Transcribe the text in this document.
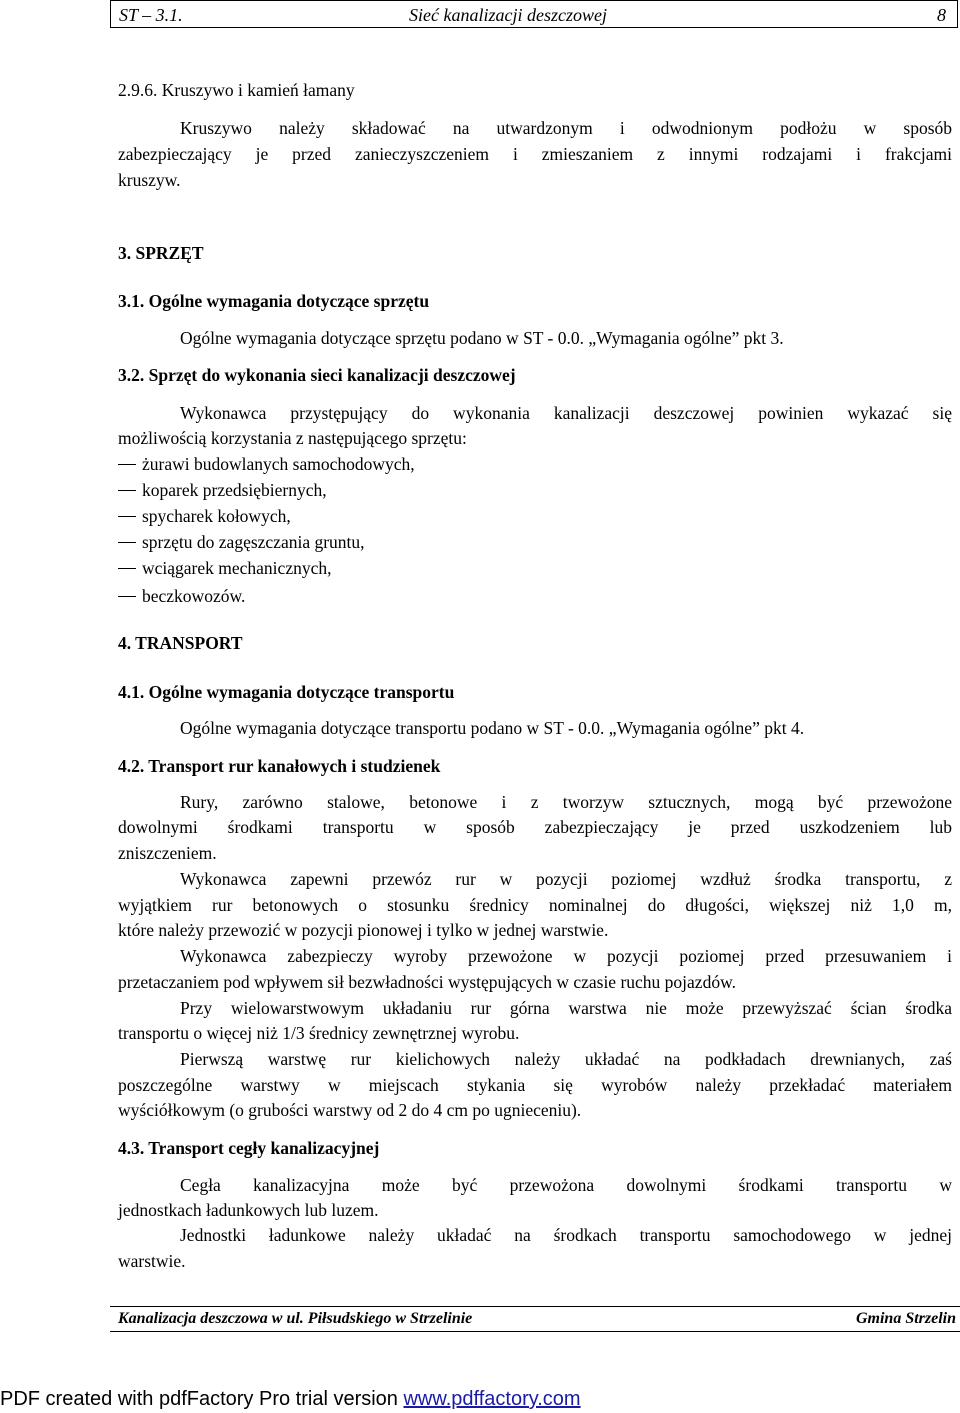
ST – 3.1.	Sieć kanalizacji deszczowej	8
2.9.6. Kruszywo i kamień łamany
Kruszywo należy składować na utwardzonym i odwodnionym podłożu w sposób
zabezpieczający je przed zanieczyszczeniem i zmieszaniem z innymi rodzajami i frakcjami
kruszyw.
3. SPRZĘT
3.1. Ogólne wymagania dotyczące sprzętu
Ogólne wymagania dotyczące sprzętu podano w ST - 0.0. „Wymagania ogólne” pkt 3.
3.2. Sprzęt do wykonania sieci kanalizacji deszczowej
Wykonawca przystępujący do wykonania kanalizacji deszczowej powinien wykazać się
możliwością korzystania z następującego sprzętu:
żurawi budowlanych samochodowych,
koparek przedsiębiernych,
spycharek kołowych,
sprzętu do zagęszczania gruntu,
wciągarek mechanicznych,
beczkowozów.
4. TRANSPORT
4.1. Ogólne wymagania dotyczące transportu
Ogólne wymagania dotyczące transportu podano w ST - 0.0. „Wymagania ogólne” pkt 4.
4.2. Transport rur kanałowych i studzienek
Rury, zarówno stalowe, betonowe i z tworzyw sztucznych, mogą być przewożone
dowolnymi środkami transportu w sposób zabezpieczający je przed uszkodzeniem lub
zniszczeniem.
Wykonawca zapewni przewóz rur w pozycji poziomej wzdłuż środka transportu, z
wyjątkiem rur betonowych o stosunku średnicy nominalnej do długości, większej niż 1,0 m,
które należy przewozić w pozycji pionowej i tylko w jednej warstwie.
Wykonawca zabezpieczy wyroby przewożone w pozycji poziomej przed przesuwaniem i
przetaczaniem pod wpływem sił bezwładności występujących w czasie ruchu pojazdów.
Przy wielowarstwowym układaniu rur górna warstwa nie może przewyższać ścian środka
transportu o więcej niż 1/3 średnicy zewnętrznej wyrobu.
Pierwszą warstwę rur kielichowych należy układać na podkładach drewnianych, zaś
poszczególne warstwy w miejscach stykania się wyrobów należy przekładać materiałem
wyściółkowym (o grubości warstwy od 2 do 4 cm po ugnieceniu).
4.3. Transport cegły kanalizacyjnej
Cegła kanalizacyjna może być przewożona dowolnymi środkami transportu w
jednostkach ładunkowych lub luzem.
Jednostki ładunkowe należy układać na środkach transportu samochodowego w jednej
warstwie.
Kanalizacja deszczowa w ul. Piłsudskiego w Strzelinie	Gmina Strzelin
PDF created with pdfFactory Pro trial version www.pdffactory.com
